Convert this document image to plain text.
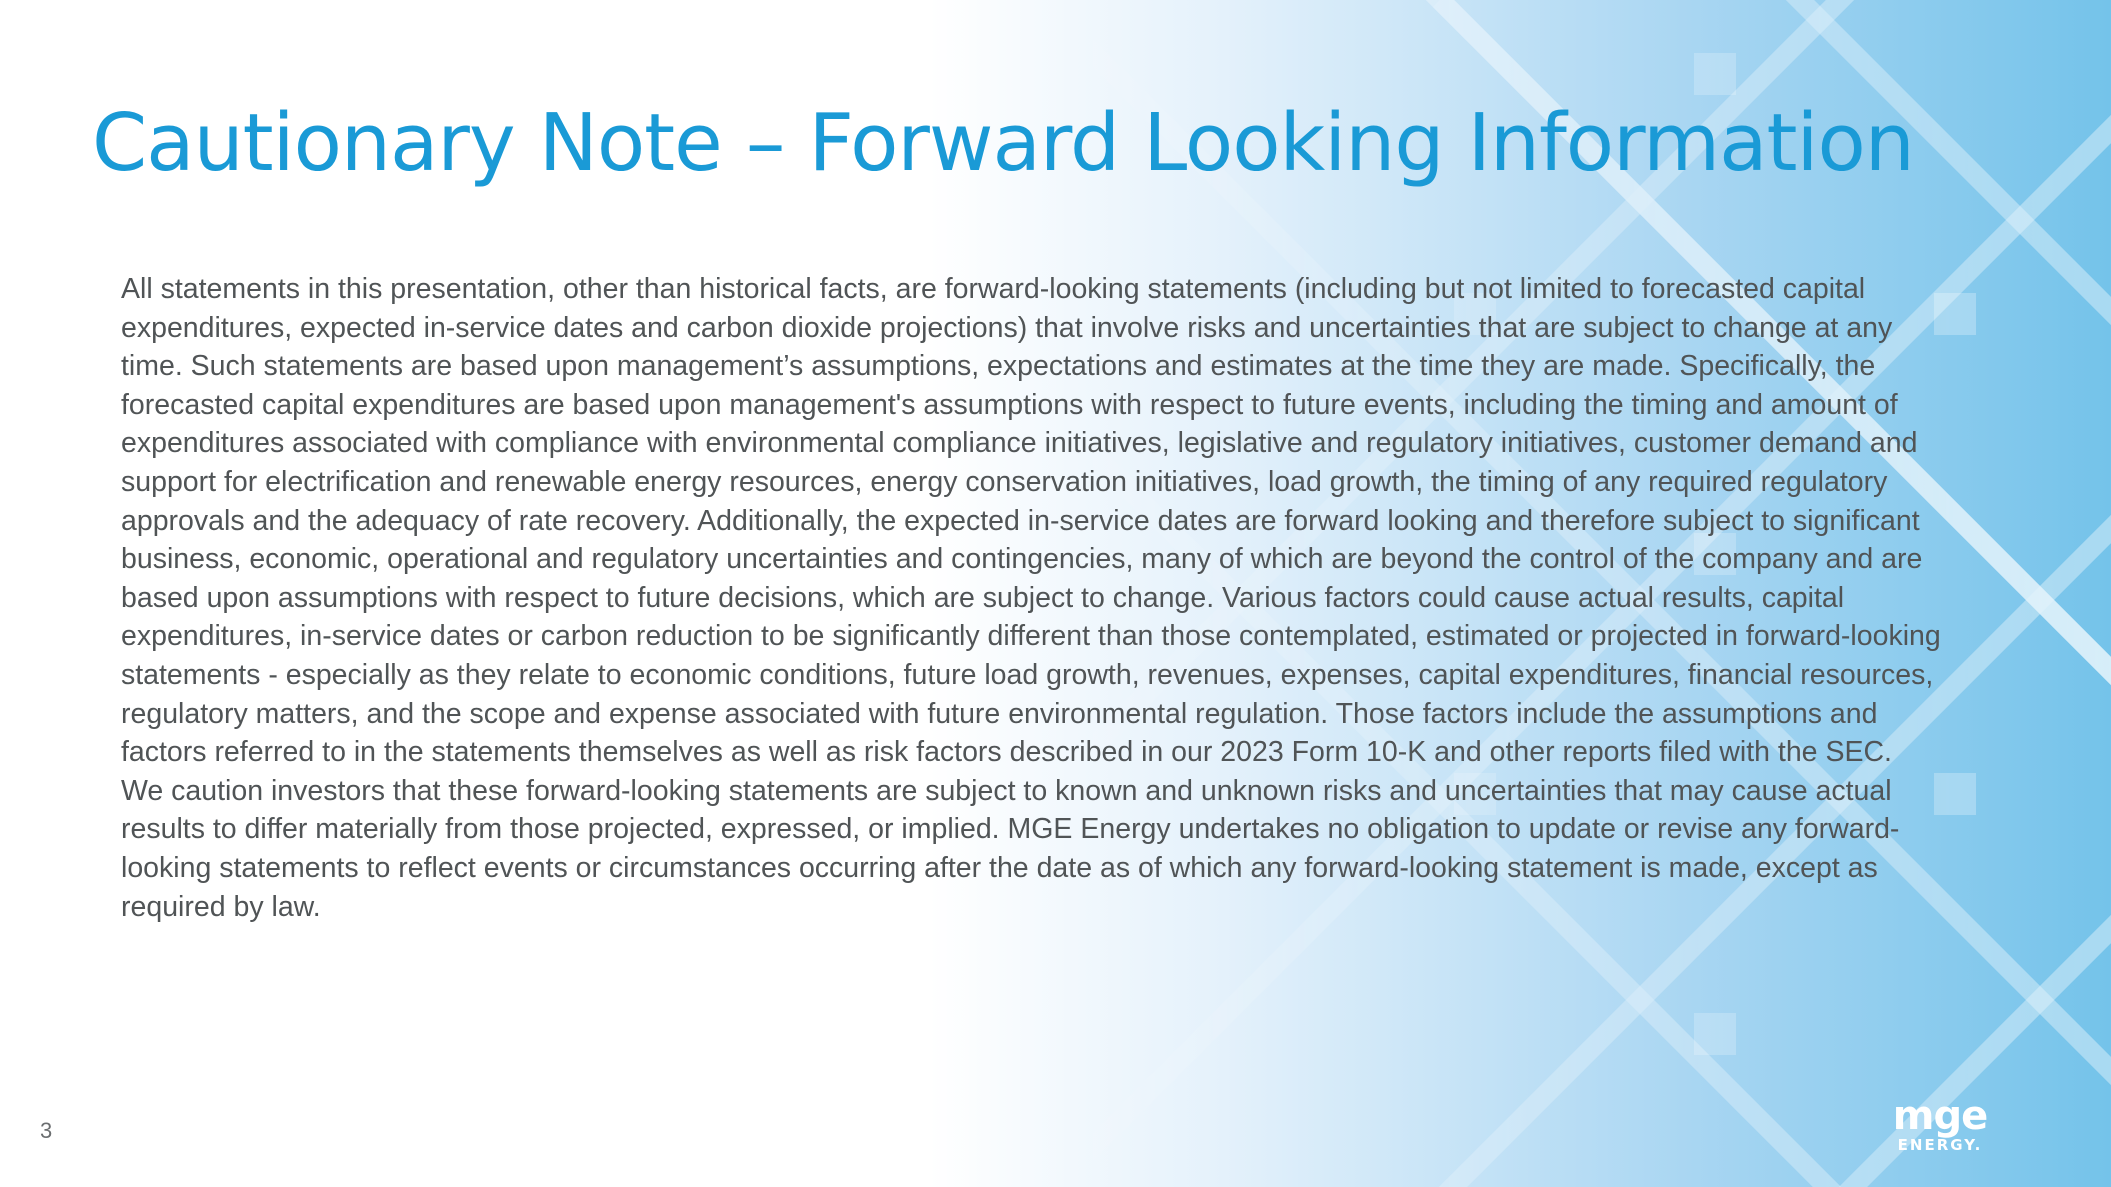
Cautionary Note – Forward Looking Information

All statements in this presentation, other than historical facts, are forward-looking statements (including but not limited to forecasted capital expenditures, expected in-service dates and carbon dioxide projections) that involve risks and uncertainties that are subject to change at any time. Such statements are based upon management’s assumptions, expectations and estimates at the time they are made. Specifically, the forecasted capital expenditures are based upon management's assumptions with respect to future events, including the timing and amount of expenditures associated with compliance with environmental compliance initiatives, legislative and regulatory initiatives, customer demand and support for electrification and renewable energy resources, energy conservation initiatives, load growth, the timing of any required regulatory approvals and the adequacy of rate recovery. Additionally, the expected in-service dates are forward looking and therefore subject to significant business, economic, operational and regulatory uncertainties and contingencies, many of which are beyond the control of the company and are based upon assumptions with respect to future decisions, which are subject to change. Various factors could cause actual results, capital expenditures, in-service dates or carbon reduction to be significantly different than those contemplated, estimated or projected in forward-looking statements - especially as they relate to economic conditions, future load growth, revenues, expenses, capital expenditures, financial resources, regulatory matters, and the scope and expense associated with future environmental regulation. Those factors include the assumptions and factors referred to in the statements themselves as well as risk factors described in our 2023 Form 10-K and other reports filed with the SEC. We caution investors that these forward-looking statements are subject to known and unknown risks and uncertainties that may cause actual results to differ materially from those projected, expressed, or implied. MGE Energy undertakes no obligation to update or revise any forward-looking statements to reflect events or circumstances occurring after the date as of which any forward-looking statement is made, except as required by law.

3	mge
ENERGY.
